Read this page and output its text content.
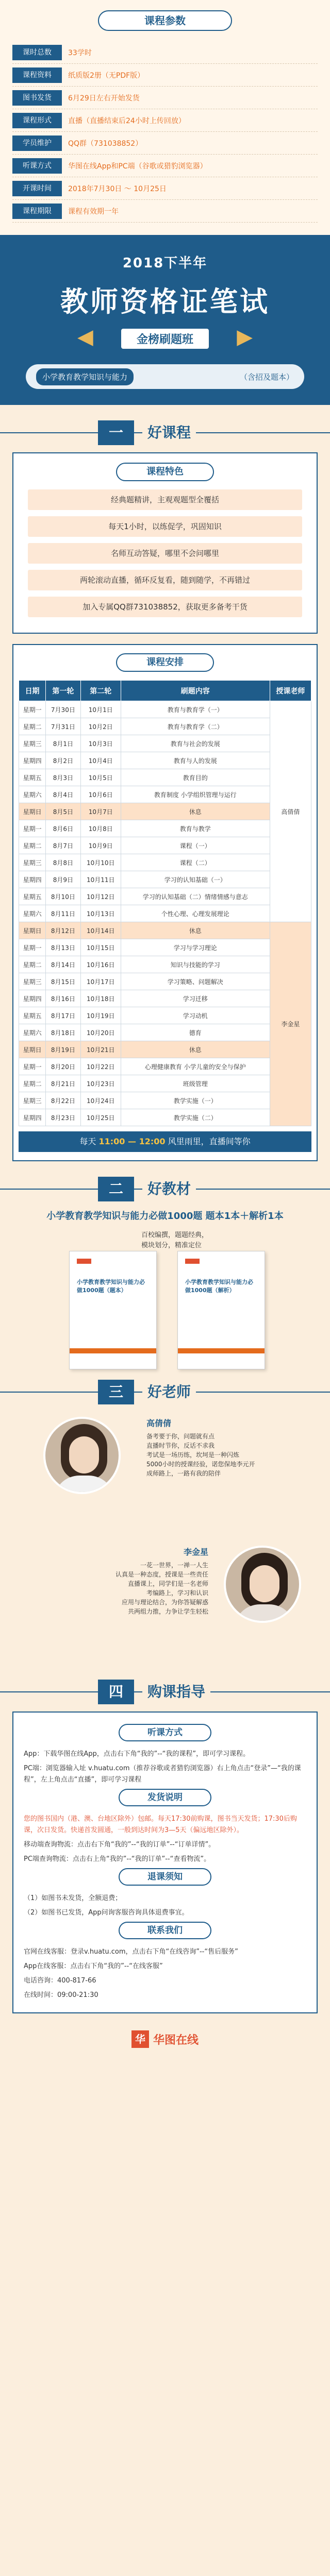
课程参数
课时总数	33学时
课程资料	纸质版2册（无PDF版）
图书发货	6月29日左右开始发货
课程形式	直播（直播结束后24小时上传回放）
学员维护	QQ群（731038852）
听课方式	华图在线App和PC端（谷歌或猎豹浏览器）
开课时间	2018年7月30日 ～ 10月25日
课程期限	课程有效期一年
2018下半年
教师资格证笔试
金榜刷题班
◀	▶
小学教育教学知识与能力	（含招及题本）
一	好课程
课程特色
经典题精讲，主观观题型全覆括
每天1小时，以练促学，巩固知识
名师互动答疑，哪里不会问哪里
两轮滚动直播，循环反复看，随到随学，不再错过
加入专属QQ群731038852，获取更多备考干货
课程安排
日期	第一轮	第二轮	刷题内容	授课老师
星期一	7月30日	10月1日	教育与教育学（一）	高倩倩
星期二	7月31日	10月2日	教育与教育学（二）	
星期三	8月1日	10月3日	教育与社会的发展	
星期四	8月2日	10月4日	教育与人的发展	
星期五	8月3日	10月5日	教育目的	
星期六	8月4日	10月6日	教育制度 小学组织管理与运行	
星期日	8月5日	10月7日	休息	
星期一	8月6日	10月8日	教育与教学	
星期二	8月7日	10月9日	课程（一）	
星期三	8月8日	10月10日	课程（二）	
星期四	8月9日	10月11日	学习的认知基础（一）	
星期五	8月10日	10月12日	学习的认知基础（二）情绪情感与意志	
星期六	8月11日	10月13日	个性心理、心理发展理论	
星期日	8月12日	10月14日	休息	李金星
星期一	8月13日	10月15日	学习与学习理论	
星期二	8月14日	10月16日	知识与技能的学习	
星期三	8月15日	10月17日	学习策略、问题解决	
星期四	8月16日	10月18日	学习迁移	
星期五	8月17日	10月19日	学习动机	
星期六	8月18日	10月20日	德育	
星期日	8月19日	10月21日	休息	
星期一	8月20日	10月22日	心理健康教育 小学儿童的安全与保护	
星期二	8月21日	10月23日	班级管理	
星期三	8月22日	10月24日	教学实施（一）	
星期四	8月23日	10月25日	教学实施（二）	
每天 11:00 — 12:00 风里雨里，直播间等你
二	好教材
小学教育教学知识与能力必做1000题 题本1本＋解析1本
百校编撰，题题经典，
模块划分，精准定位
小学教育教学知识与能力必做1000题（题本）
小学教育教学知识与能力必做1000题（解析）
三	好老师
高倩倩
备考要于你，问题就有点
直播时节你，反话不求我
考试是一场历练，坎坷是一种闪炼
5000小时的授课经验，诺您保地李元开
成师路上，一路有我的陪伴
李金星
一花一世界，一禅一人生
认真是一种态度，授课是一些责任
直播课上，同学们是一名老师
考编路上，学习和认识
应用与理论结合，为你答疑解惑
共两组力推，力争让学生轻松
四	购课指导
听课方式
App：下载华图在线App，点击右下角“我的”--“我的课程”，即可学习课程。
PC端：浏览器输入址 v.huatu.com（推荐谷歌或者猎豹浏览器）右上角点击“登录”—“我的课程”，左上角点击“直播”，即可学习课程
发货说明
您的图书国内（港、澳、台地区除外）包邮。每天17:30前购课，图书当天发货；17:30后购课，次日发货。快递首发圆通，一般到达时间为3—5天（偏远地区除外）。
移动端查询物流：点击右下角“我的”--“我的订单”--“订单详情”。
PC端查询物流：点击右上角“我的”--“我的订单”--“查看物流”。
退课须知
（1）如图书未发货，全额退费；
（2）如图书已发货，App问询客服咨询具体退费事宜。
联系我们
官网在线客服：登录v.huatu.com，点击右下角“在线咨询”--“售后服务”
App在线客服：点击右下角“我的”--“在线客服”
电话咨询：400-817-66
在线时间：09:00-21:30
华 华图在线
